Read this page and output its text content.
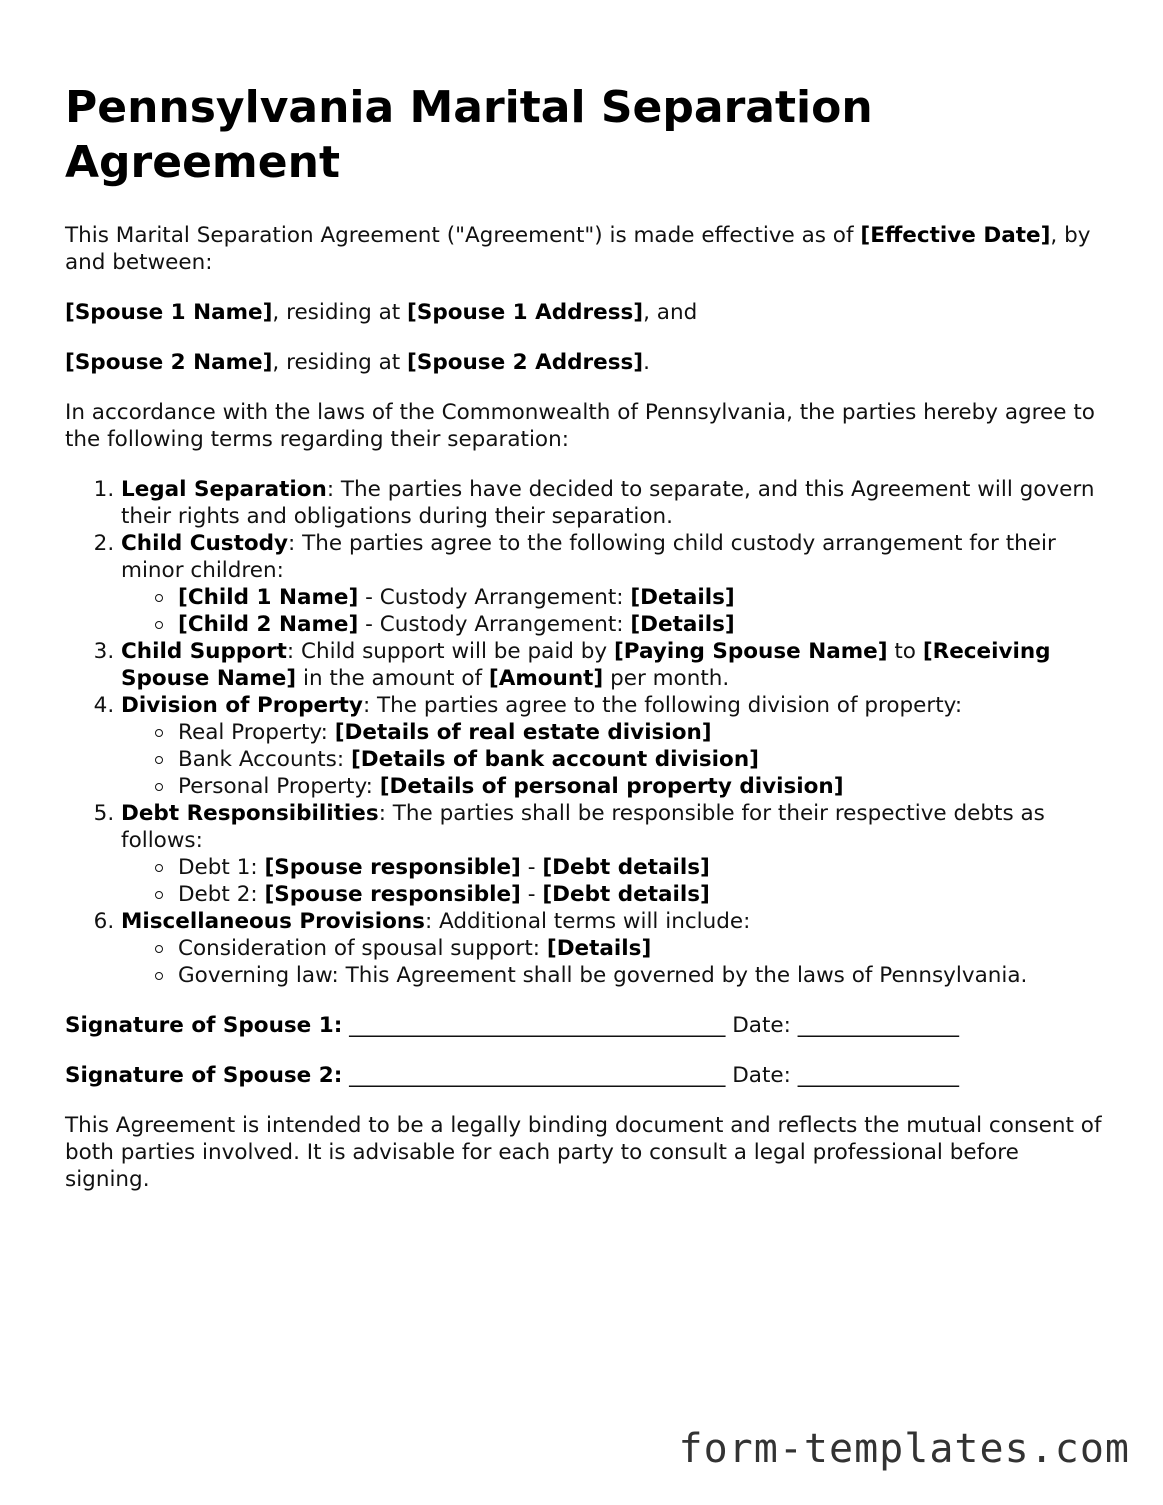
Pennsylvania Marital Separation Agreement

This Marital Separation Agreement ("Agreement") is made effective as of [Effective Date], by and between:

[Spouse 1 Name], residing at [Spouse 1 Address], and

[Spouse 2 Name], residing at [Spouse 2 Address].

In accordance with the laws of the Commonwealth of Pennsylvania, the parties hereby agree to the following terms regarding their separation:

1. Legal Separation: The parties have decided to separate, and this Agreement will govern their rights and obligations during their separation.
2. Child Custody: The parties agree to the following child custody arrangement for their minor children:
[Child 1 Name] - Custody Arrangement: [Details]
[Child 2 Name] - Custody Arrangement: [Details]
3. Child Support: Child support will be paid by [Paying Spouse Name] to [Receiving Spouse Name] in the amount of [Amount] per month.
4. Division of Property: The parties agree to the following division of property:
Real Property: [Details of real estate division]
Bank Accounts: [Details of bank account division]
Personal Property: [Details of personal property division]
5. Debt Responsibilities: The parties shall be responsible for their respective debts as follows:
Debt 1: [Spouse responsible] - [Debt details]
Debt 2: [Spouse responsible] - [Debt details]
6. Miscellaneous Provisions: Additional terms will include:
Consideration of spousal support: [Details]
Governing law: This Agreement shall be governed by the laws of Pennsylvania.

Signature of Spouse 1: ___________________________________ Date: _______________

Signature of Spouse 2: ___________________________________ Date: _______________

This Agreement is intended to be a legally binding document and reflects the mutual consent of both parties involved. It is advisable for each party to consult a legal professional before signing.

form-templates.com
